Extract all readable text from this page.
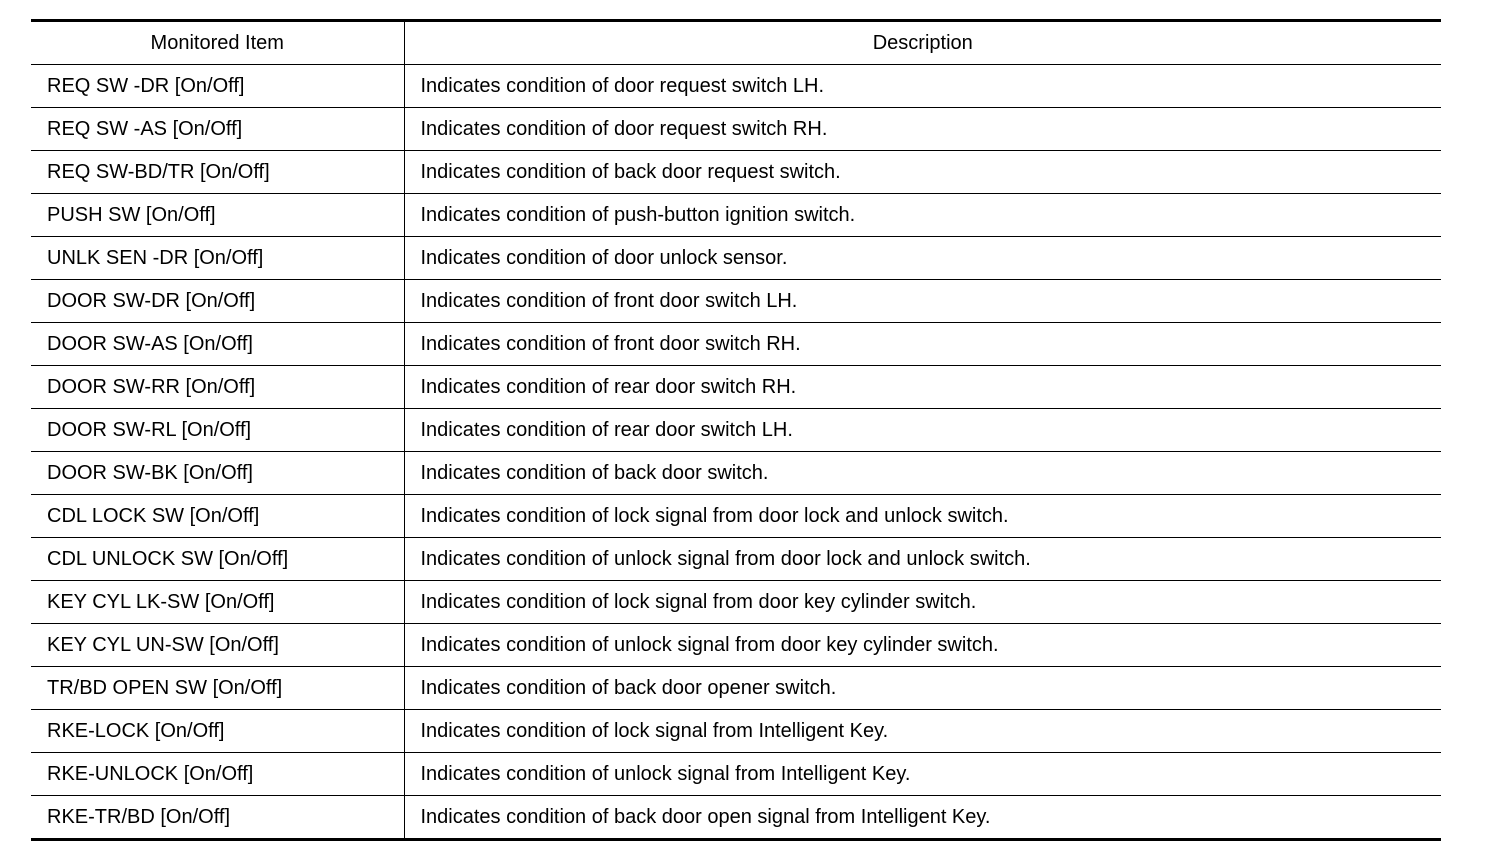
Monitored Item	Description
REQ SW -DR [On/Off]	Indicates condition of door request switch LH.
REQ SW -AS [On/Off]	Indicates condition of door request switch RH.
REQ SW-BD/TR [On/Off]	Indicates condition of back door request switch.
PUSH SW [On/Off]	Indicates condition of push-button ignition switch.
UNLK SEN -DR [On/Off]	Indicates condition of door unlock sensor.
DOOR SW-DR [On/Off]	Indicates condition of front door switch LH.
DOOR SW-AS [On/Off]	Indicates condition of front door switch RH.
DOOR SW-RR [On/Off]	Indicates condition of rear door switch RH.
DOOR SW-RL [On/Off]	Indicates condition of rear door switch LH.
DOOR SW-BK [On/Off]	Indicates condition of back door switch.
CDL LOCK SW [On/Off]	Indicates condition of lock signal from door lock and unlock switch.
CDL UNLOCK SW [On/Off]	Indicates condition of unlock signal from door lock and unlock switch.
KEY CYL LK-SW [On/Off]	Indicates condition of lock signal from door key cylinder switch.
KEY CYL UN-SW [On/Off]	Indicates condition of unlock signal from door key cylinder switch.
TR/BD OPEN SW [On/Off]	Indicates condition of back door opener switch.
RKE-LOCK [On/Off]	Indicates condition of lock signal from Intelligent Key.
RKE-UNLOCK [On/Off]	Indicates condition of unlock signal from Intelligent Key.
RKE-TR/BD [On/Off]	Indicates condition of back door open signal from Intelligent Key.
